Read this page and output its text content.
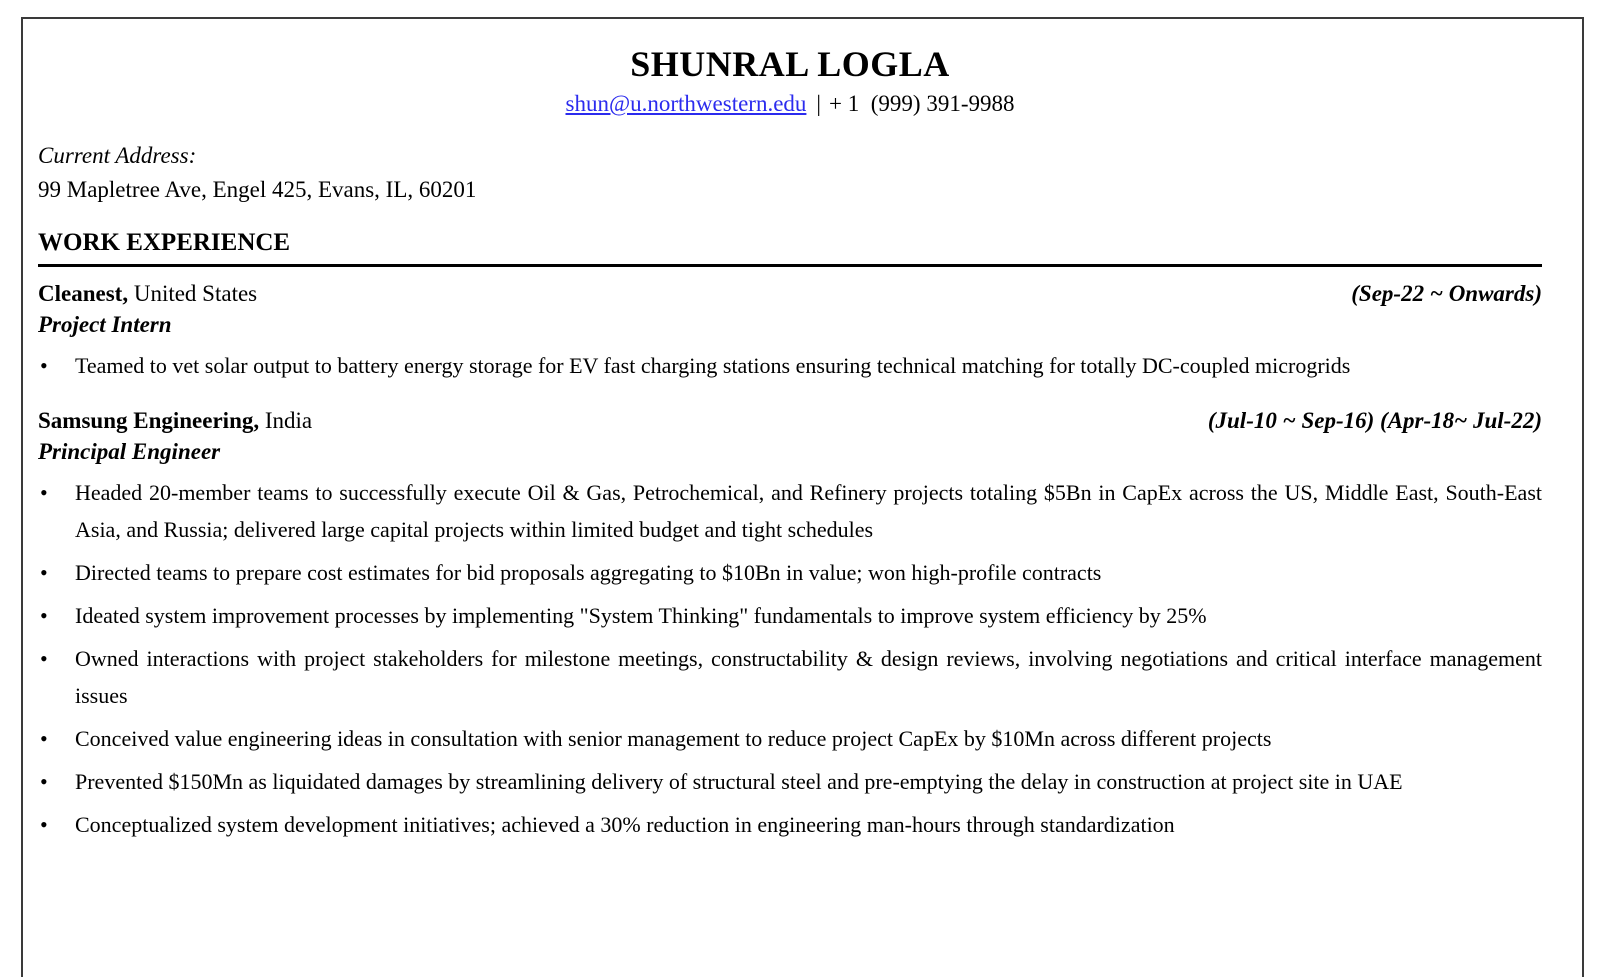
SHUNRAL LOGLA
shun@u.northwestern.edu | + 1  (999) 391-9988
Current Address:
99 Mapletree Ave, Engel 425, Evans, IL, 60201
WORK EXPERIENCE
Cleanest, United States	(Sep-22 ~ Onwards)
Project Intern
•	Teamed to vet solar output to battery energy storage for EV fast charging stations ensuring technical matching for totally DC-coupled microgrids
Samsung Engineering, India	(Jul-10 ~ Sep-16) (Apr-18~ Jul-22)
Principal Engineer
•	Headed 20-member teams to successfully execute Oil & Gas, Petrochemical, and Refinery projects totaling $5Bn in CapEx across the US, Middle East, South-East Asia, and Russia; delivered large capital projects within limited budget and tight schedules
•	Directed teams to prepare cost estimates for bid proposals aggregating to $10Bn in value; won high-profile contracts
•	Ideated system improvement processes by implementing "System Thinking" fundamentals to improve system efficiency by 25%
•	Owned interactions with project stakeholders for milestone meetings, constructability & design reviews, involving negotiations and critical interface management issues
•	Conceived value engineering ideas in consultation with senior management to reduce project CapEx by $10Mn across different projects
•	Prevented $150Mn as liquidated damages by streamlining delivery of structural steel and pre-emptying the delay in construction at project site in UAE
•	Conceptualized system development initiatives; achieved a 30% reduction in engineering man-hours through standardization
